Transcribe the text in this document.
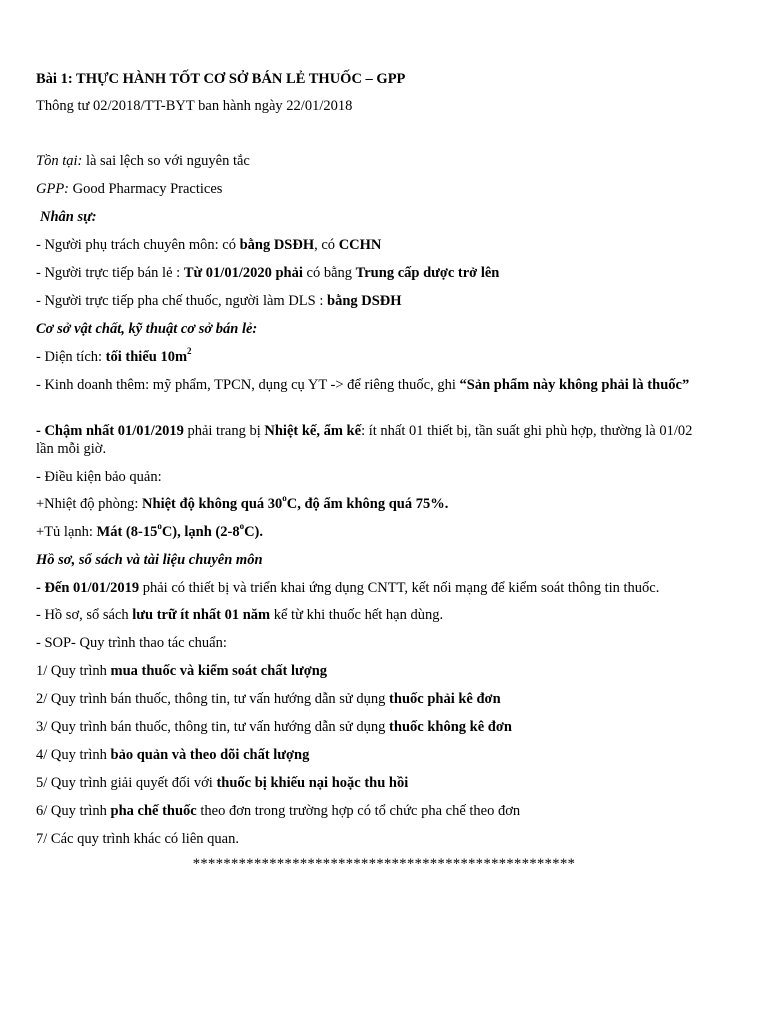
Bài 1: THỰC HÀNH TỐT CƠ SỞ BÁN LẺ THUỐC – GPP
Thông tư 02/2018/TT-BYT ban hành ngày 22/01/2018
Tồn tại: là sai lệch so với nguyên tắc
GPP: Good Pharmacy Practices
Nhân sự:
- Người phụ trách chuyên môn: có bằng DSĐH, có CCHN
- Người trực tiếp bán lẻ : Từ 01/01/2020 phải có bằng Trung cấp dược trở lên
- Người trực tiếp pha chế thuốc, người làm DLS : bằng DSĐH
Cơ sở vật chất, kỹ thuật cơ sở bán lẻ:
- Diện tích: tối thiểu $10m^2$
- Kinh doanh thêm: mỹ phẩm, TPCN, dụng cụ YT -> để riêng thuốc, ghi “Sản phẩm này không phải là thuốc”
- Chậm nhất 01/01/2019 phải trang bị Nhiệt kế, ẩm kế: ít nhất 01 thiết bị, tần suất ghi phù hợp, thường là 01/02 lần mỗi giờ.
- Điều kiện bảo quản:
+Nhiệt độ phòng: Nhiệt độ không quá 30$^o$C, độ ẩm không quá 75%.
+Tủ lạnh: Mát (8-15$^o$C), lạnh (2-8$^o$C).
Hồ sơ, sổ sách và tài liệu chuyên môn
- Đến 01/01/2019 phải có thiết bị và triển khai ứng dụng CNTT, kết nối mạng để kiểm soát thông tin thuốc.
- Hồ sơ, sổ sách lưu trữ ít nhất 01 năm kể từ khi thuốc hết hạn dùng.
- SOP- Quy trình thao tác chuẩn:
1/ Quy trình mua thuốc và kiểm soát chất lượng
2/ Quy trình bán thuốc, thông tin, tư vấn hướng dẫn sử dụng thuốc phải kê đơn
3/ Quy trình bán thuốc, thông tin, tư vấn hướng dẫn sử dụng thuốc không kê đơn
4/ Quy trình bảo quản và theo dõi chất lượng
5/ Quy trình giải quyết đối với thuốc bị khiếu nại hoặc thu hồi
6/ Quy trình pha chế thuốc theo đơn trong trường hợp có tổ chức pha chế theo đơn
7/ Các quy trình khác có liên quan.
**************************************************
